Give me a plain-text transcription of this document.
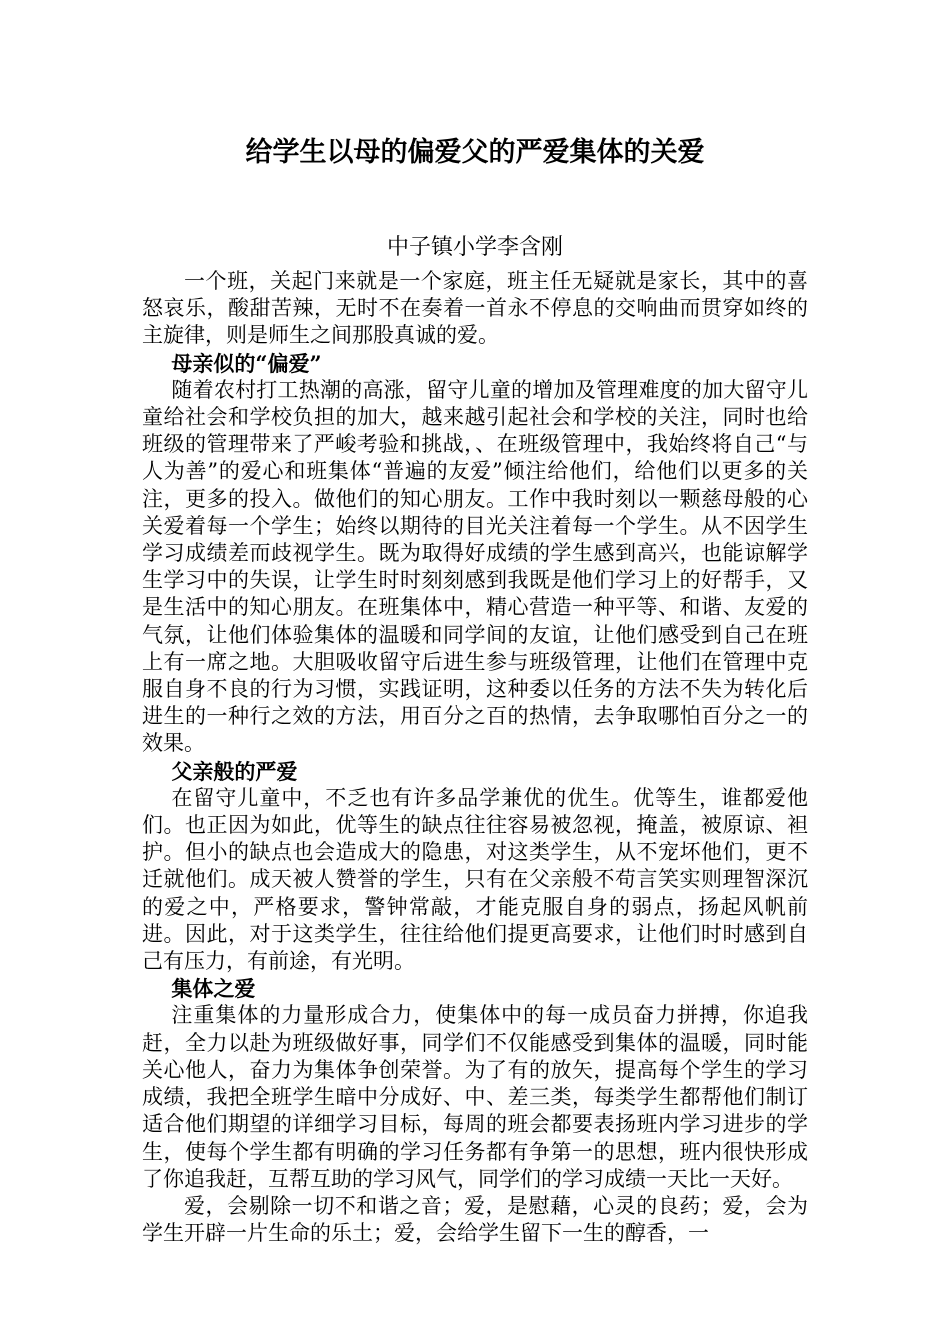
给学生以母的偏爱父的严爱集体的关爱
中子镇小学李含刚

一个班，关起门来就是一个家庭，班主任无疑就是家长，其中的喜怒哀乐，酸甜苦辣，无时不在奏着一首永不停息的交响曲而贯穿如终的主旋律，则是师生之间那股真诚的爱。

母亲似的“偏爱”

随着农村打工热潮的高涨，留守儿童的增加及管理难度的加大留守儿童给社会和学校负担的加大，越来越引起社会和学校的关注，同时也给班级的管理带来了严峻考验和挑战，、在班级管理中，我始终将自己“与人为善”的爱心和班集体“普遍的友爱”倾注给他们，给他们以更多的关注，更多的投入。做他们的知心朋友。工作中我时刻以一颗慈母般的心关爱着每一个学生；始终以期待的目光关注着每一个学生。从不因学生学习成绩差而歧视学生。既为取得好成绩的学生感到高兴，也能谅解学生学习中的失误，让学生时时刻刻感到我既是他们学习上的好帮手，又是生活中的知心朋友。在班集体中，精心营造一种平等、和谐、友爱的气氛，让他们体验集体的温暖和同学间的友谊，让他们感受到自己在班上有一席之地。大胆吸收留守后进生参与班级管理，让他们在管理中克服自身不良的行为习惯，实践证明，这种委以任务的方法不失为转化后进生的一种行之效的方法，用百分之百的热情，去争取哪怕百分之一的效果。

父亲般的严爱

在留守儿童中，不乏也有许多品学兼优的优生。优等生，谁都爱他们。也正因为如此，优等生的缺点往往容易被忽视，掩盖，被原谅、袒护。但小的缺点也会造成大的隐患，对这类学生，从不宠坏他们，更不迁就他们。成天被人赞誉的学生，只有在父亲般不苟言笑实则理智深沉的爱之中，严格要求，警钟常敲，才能克服自身的弱点，扬起风帆前进。因此，对于这类学生，往往给他们提更高要求，让他们时时感到自己有压力，有前途，有光明。

集体之爱

注重集体的力量形成合力，使集体中的每一成员奋力拼搏，你追我赶，全力以赴为班级做好事，同学们不仅能感受到集体的温暖，同时能关心他人，奋力为集体争创荣誉。为了有的放矢，提高每个学生的学习成绩，我把全班学生暗中分成好、中、差三类，每类学生都帮他们制订适合他们期望的详细学习目标，每周的班会都要表扬班内学习进步的学生，使每个学生都有明确的学习任务都有争第一的思想，班内很快形成了你追我赶，互帮互助的学习风气，同学们的学习成绩一天比一天好。

爱，会剔除一切不和谐之音；爱，是慰藉，心灵的良药；爱，会为学生开辟一片生命的乐土；爱，会给学生留下一生的醇香，一
